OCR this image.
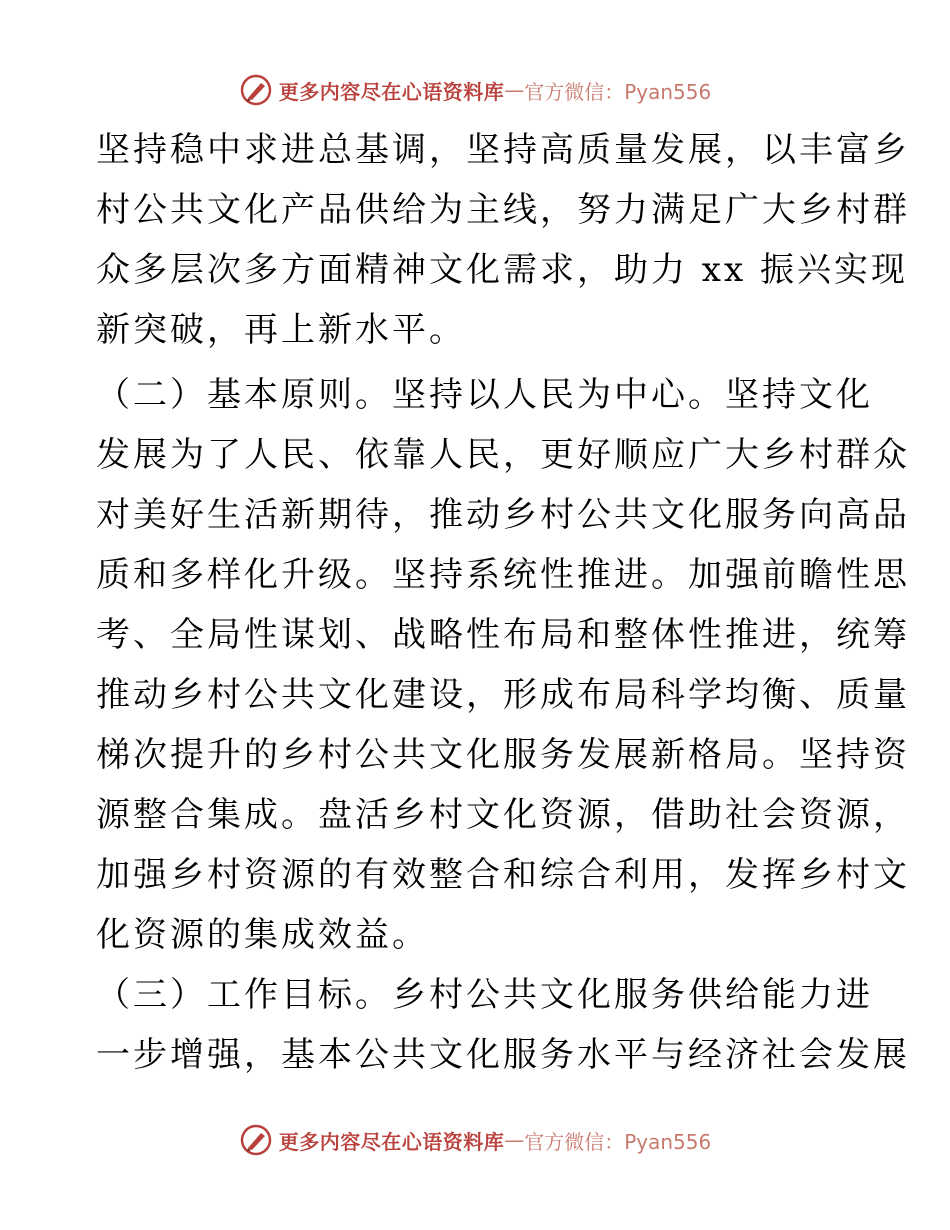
更多内容尽在心语资料库 — 官方微信：Pyan556

坚持稳中求进总基调，坚持高质量发展，以丰富乡
村公共文化产品供给为主线，努力满足广大乡村群
众多层次多方面精神文化需求，助力 xx 振兴实现
新突破，再上新水平。

（二）基本原则。坚持以人民为中心。坚持文化
发展为了人民、依靠人民，更好顺应广大乡村群众
对美好生活新期待，推动乡村公共文化服务向高品
质和多样化升级。坚持系统性推进。加强前瞻性思
考、全局性谋划、战略性布局和整体性推进，统筹
推动乡村公共文化建设，形成布局科学均衡、质量
梯次提升的乡村公共文化服务发展新格局。坚持资
源整合集成。盘活乡村文化资源，借助社会资源，
加强乡村资源的有效整合和综合利用，发挥乡村文
化资源的集成效益。

（三）工作目标。乡村公共文化服务供给能力进
一步增强，基本公共文化服务水平与经济社会发展

更多内容尽在心语资料库 — 官方微信：Pyan556
